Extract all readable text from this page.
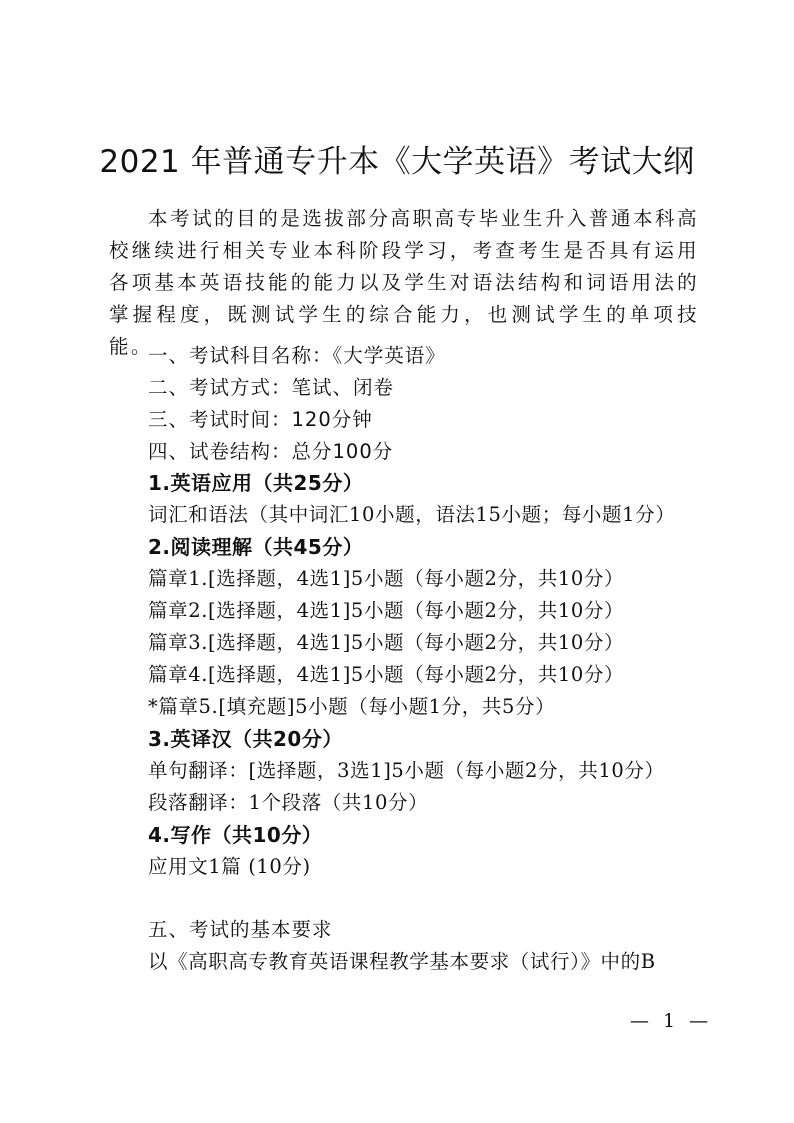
2021 年普通专升本《大学英语》考试大纲
本考试的目的是选拔部分高职高专毕业生升入普通本科高校继续进行相关专业本科阶段学习，考查考生是否具有运用各项基本英语技能的能力以及学生对语法结构和词语用法的掌握程度，既测试学生的综合能力，也测试学生的单项技能。
一、考试科目名称：《大学英语》
二、考试方式：笔试、闭卷
三、考试时间：120分钟
四、试卷结构：总分100分
1.英语应用（共25分）
词汇和语法（其中词汇10小题，语法15小题；每小题1分）
2.阅读理解（共45分）
篇章1.[选择题，4选1]5小题（每小题2分，共10分）
篇章2.[选择题，4选1]5小题（每小题2分，共10分）
篇章3.[选择题，4选1]5小题（每小题2分，共10分）
篇章4.[选择题，4选1]5小题（每小题2分，共10分）
*篇章5.[填充题]5小题（每小题1分，共5分）
3.英译汉（共20分）
单句翻译：[选择题，3选1]5小题（每小题2分，共10分）
段落翻译：1个段落（共10分）
4.写作（共10分）
应用文1篇 (10分)
五、考试的基本要求
以《高职高专教育英语课程教学基本要求（试行）》中的B
— 1 —
